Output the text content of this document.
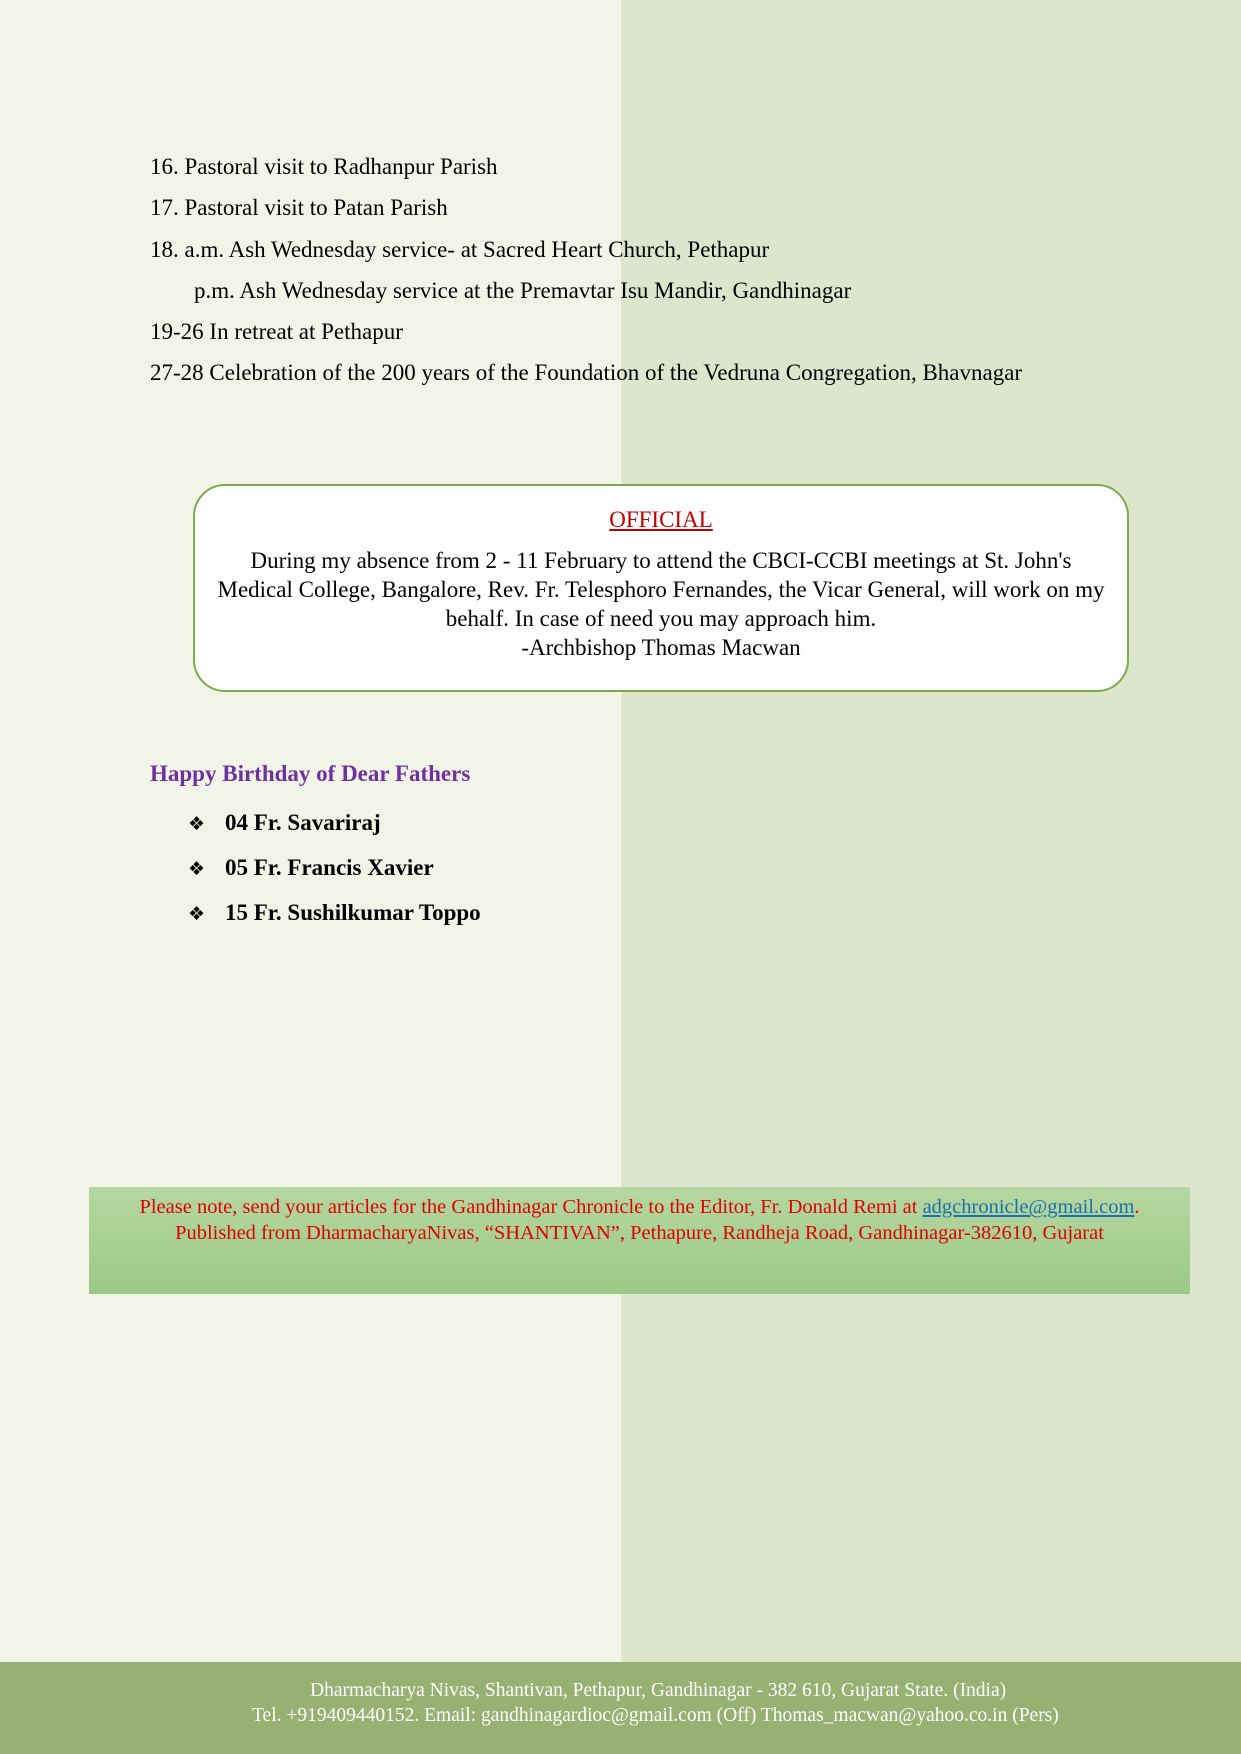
16. Pastoral visit to Radhanpur Parish
17. Pastoral visit to Patan Parish
18. a.m. Ash Wednesday service- at Sacred Heart Church, Pethapur
p.m. Ash Wednesday service at the Premavtar Isu Mandir, Gandhinagar
19-26 In retreat at Pethapur
27-28 Celebration of the 200 years of the Foundation of the Vedruna Congregation, Bhavnagar
OFFICIAL
During my absence from 2 - 11 February to attend the CBCI-CCBI meetings at St. John's Medical College, Bangalore, Rev. Fr. Telesphoro Fernandes, the Vicar General, will work on my behalf. In case of need you may approach him.
-Archbishop Thomas Macwan
Happy Birthday of Dear Fathers
❖ 04 Fr. Savariraj
❖ 05 Fr. Francis Xavier
❖ 15 Fr. Sushilkumar Toppo
Please note, send your articles for the Gandhinagar Chronicle to the Editor, Fr. Donald Remi at adgchronicle@gmail.com. Published from DharmacharyaNivas, “SHANTIVAN”, Pethapure, Randheja Road, Gandhinagar-382610, Gujarat
Dharmacharya Nivas, Shantivan, Pethapur, Gandhinagar - 382 610, Gujarat State. (India)
Tel. +919409440152. Email: gandhinagardioc@gmail.com (Off) Thomas_macwan@yahoo.co.in (Pers)
